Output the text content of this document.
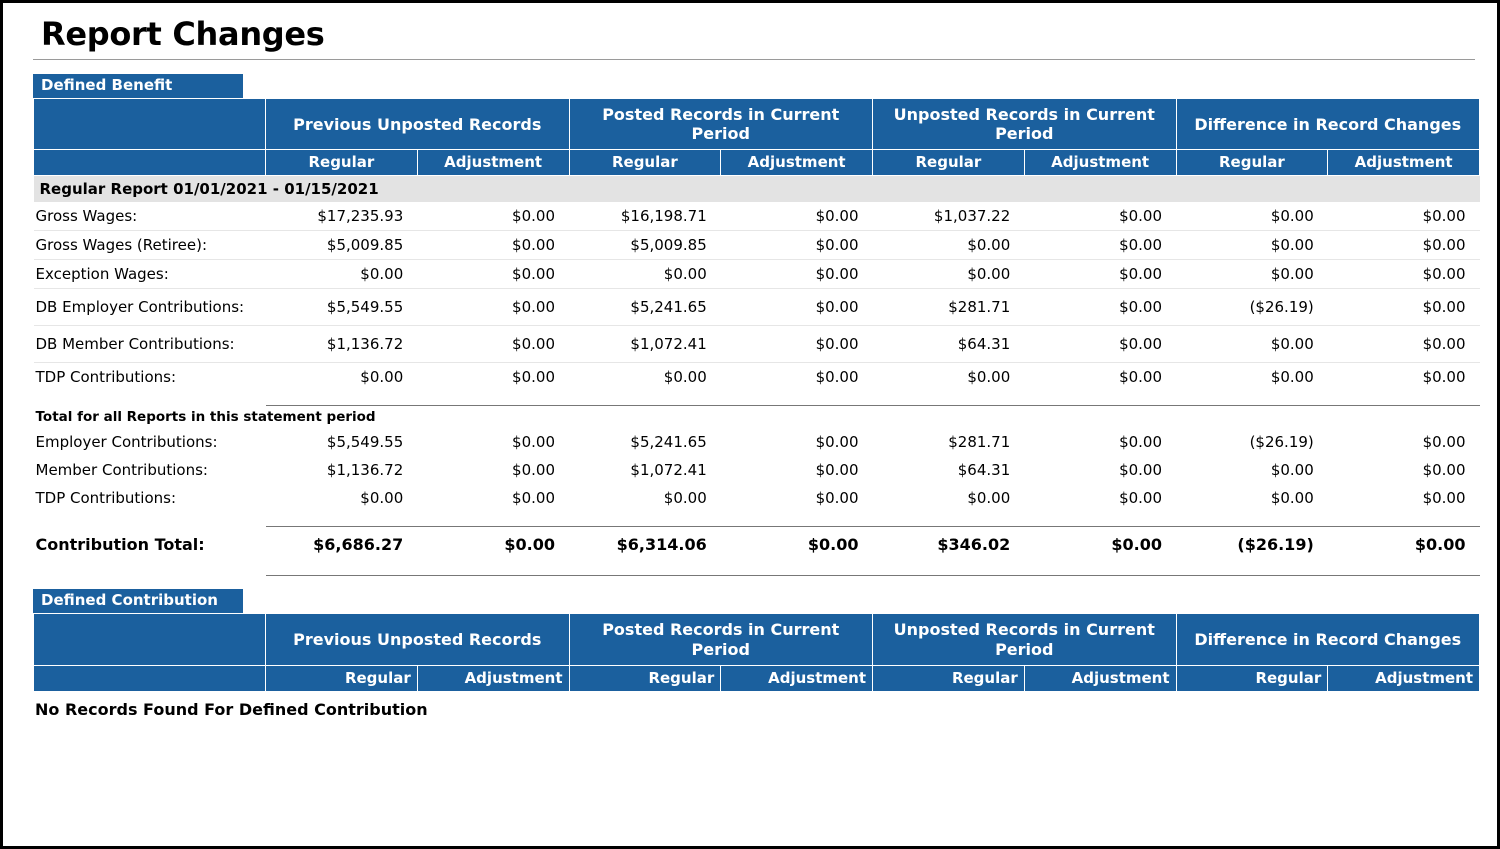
Report Changes
Defined Benefit
	Previous Unposted Records		Posted Records in Current Period		Unposted Records in Current Period		Difference in Record Changes	
	Regular	Adjustment	Regular	Adjustment	Regular	Adjustment	Regular	Adjustment
Regular Report 01/01/2021 - 01/15/2021								
Gross Wages:	$17,235.93	$0.00	$16,198.71	$0.00	$1,037.22	$0.00	$0.00	$0.00
Gross Wages (Retiree):	$5,009.85	$0.00	$5,009.85	$0.00	$0.00	$0.00	$0.00	$0.00
Exception Wages:	$0.00	$0.00	$0.00	$0.00	$0.00	$0.00	$0.00	$0.00
DB Employer Contributions:	$5,549.55	$0.00	$5,241.65	$0.00	$281.71	$0.00	($26.19)	$0.00
DB Member Contributions:	$1,136.72	$0.00	$1,072.41	$0.00	$64.31	$0.00	$0.00	$0.00
TDP Contributions:	$0.00	$0.00	$0.00	$0.00	$0.00	$0.00	$0.00	$0.00

Total for all Reports in this statement period								
Employer Contributions:	$5,549.55	$0.00	$5,241.65	$0.00	$281.71	$0.00	($26.19)	$0.00
Member Contributions:	$1,136.72	$0.00	$1,072.41	$0.00	$64.31	$0.00	$0.00	$0.00
TDP Contributions:	$0.00	$0.00	$0.00	$0.00	$0.00	$0.00	$0.00	$0.00

Contribution Total:	$6,686.27	$0.00	$6,314.06	$0.00	$346.02	$0.00	($26.19)	$0.00

Defined Contribution
	Previous Unposted Records		Posted Records in Current Period		Unposted Records in Current Period		Difference in Record Changes	
	Regular	Adjustment	Regular	Adjustment	Regular	Adjustment	Regular	Adjustment
No Records Found For Defined Contribution
